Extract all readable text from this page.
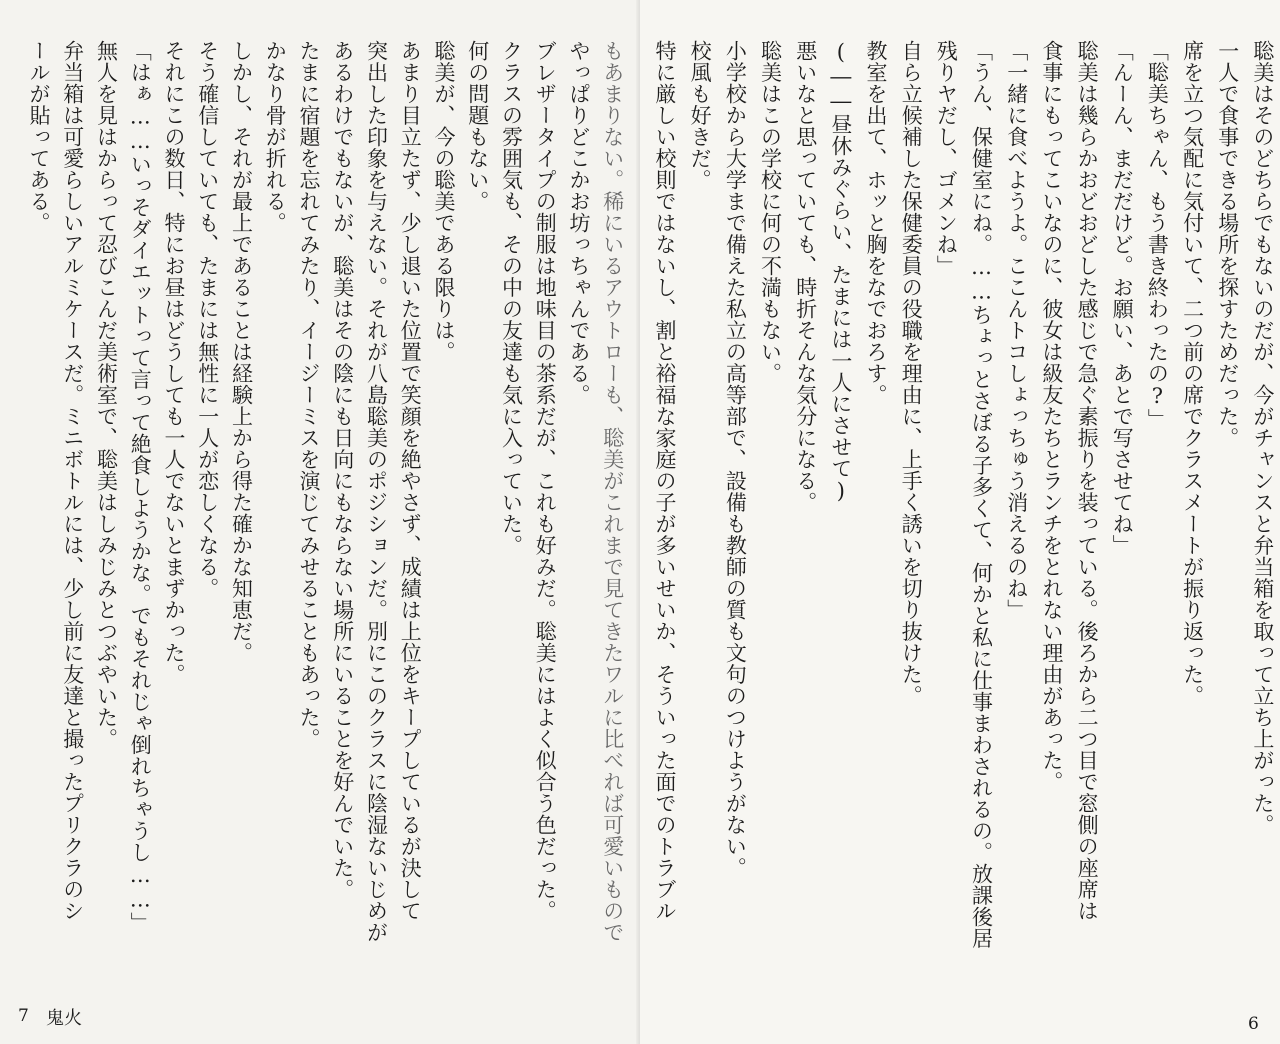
もあまりない。稀にいるアウトローも、聡美がこれまで見てきたワルに比べれば可愛いもので
やっぱりどこかお坊っちゃんである。
ブレザータイプの制服は地味目の茶系だが、これも好みだ。聡美にはよく似合う色だった。
クラスの雰囲気も、その中の友達も気に入っていた。
何の問題もない。
聡美が、今の聡美である限りは。
あまり目立たず、少し退いた位置で笑顔を絶やさず、成績は上位をキープしているが決して
突出した印象を与えない。それが八島聡美のポジションだ。別にこのクラスに陰湿ないじめが
あるわけでもないが、聡美はその陰にも日向にもならない場所にいることを好んでいた。
たまに宿題を忘れてみたり、イージーミスを演じてみせることもあった。
かなり骨が折れる。
しかし、それが最上であることは経験上から得た確かな知恵だ。
そう確信していても、たまには無性に一人が恋しくなる。
それにこの数日、特にお昼はどうしても一人でないとまずかった。
「はぁ……いっそダイエットって言って絶食しようかな。でもそれじゃ倒れちゃうし……」
無人を見はからって忍びこんだ美術室で、聡美はしみじみとつぶやいた。
弁当箱は可愛らしいアルミケースだ。ミニボトルには、少し前に友達と撮ったプリクラのシ
ールが貼ってある。
7 鬼火
聡美はそのどちらでもないのだが、今がチャンスと弁当箱を取って立ち上がった。
一人で食事できる場所を探すためだった。
席を立つ気配に気付いて、二つ前の席でクラスメートが振り返った。
「聡美ちゃん、もう書き終わったの?」
「んーん、まだだけど。お願い、あとで写させてね」
聡美は幾らかおどおどした感じで急ぐ素振りを装っている。後ろから二つ目で窓側の座席は
食事にもってこいなのに、彼女は級友たちとランチをとれない理由があった。
「一緒に食べようよ。ここんトコしょっちゅう消えるのね」
「うん、保健室にね。……ちょっとさぼる子多くて、何かと私に仕事まわされるの。放課後居
残りヤだし、ゴメンね」
自ら立候補した保健委員の役職を理由に、上手く誘いを切り抜けた。
教室を出て、ホッと胸をなでおろす。
(――昼休みぐらい、たまには一人にさせて)
悪いなと思っていても、時折そんな気分になる。
聡美はこの学校に何の不満もない。
小学校から大学まで備えた私立の高等部で、設備も教師の質も文句のつけようがない。
校風も好きだ。
特に厳しい校則ではないし、割と裕福な家庭の子が多いせいか、そういった面でのトラブル
6
